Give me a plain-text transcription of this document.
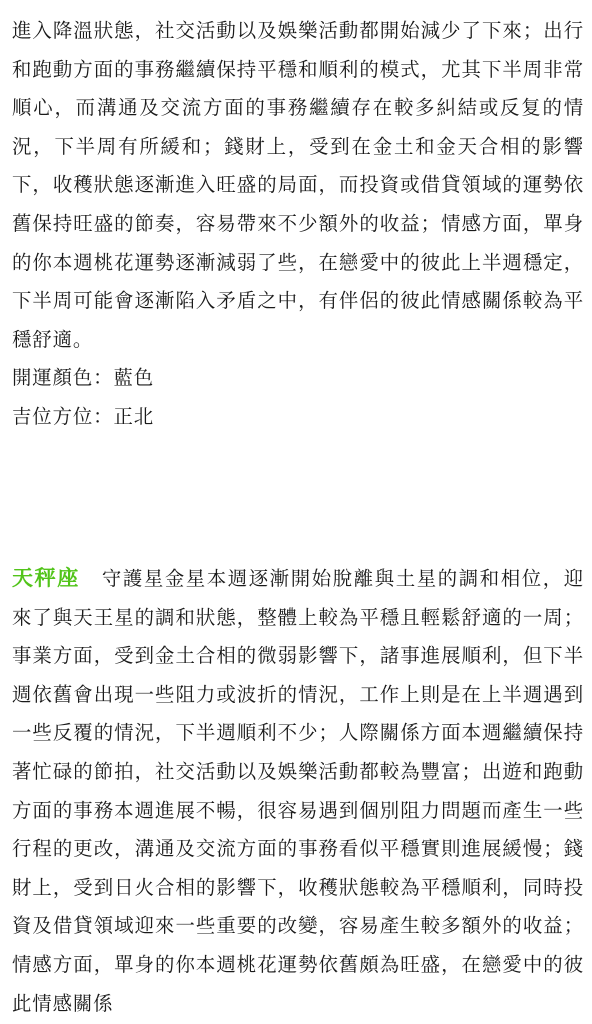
進入降溫狀態，社交活動以及娛樂活動都開始減少了下來；出行和跑動方面的事務繼續保持平穩和順利的模式，尤其下半周非常順心，而溝通及交流方面的事務繼續存在較多糾結或反复的情況，下半周有所緩和；錢財上，受到在金土和金天合相的影響下，收穫狀態逐漸進入旺盛的局面，而投資或借貸領域的運勢依舊保持旺盛的節奏，容易帶來不少額外的收益；情感方面，單身的你本週桃花運勢逐漸減弱了些，在戀愛中的彼此上半週穩定，下半周可能會逐漸陷入矛盾之中，有伴侶的彼此情感關係較為平穩舒適。

開運顏色：藍色

吉位方位：正北

天秤座 守護星金星本週逐漸開始脫離與土星的調和相位，迎來了與天王星的調和狀態，整體上較為平穩且輕鬆舒適的一周；事業方面，受到金土合相的微弱影響下，諸事進展順利，但下半週依舊會出現一些阻力或波折的情況，工作上則是在上半週遇到一些反覆的情況，下半週順利不少；人際關係方面本週繼續保持著忙碌的節拍，社交活動以及娛樂活動都較為豐富；出遊和跑動方面的事務本週進展不暢，很容易遇到個別阻力問題而產生一些行程的更改，溝通及交流方面的事務看似平穩實則進展緩慢；錢財上，受到日火合相的影響下，收穫狀態較為平穩順利，同時投資及借貸領域迎來一些重要的改變，容易產生較多額外的收益；情感方面，單身的你本週桃花運勢依舊頗為旺盛，在戀愛中的彼此情感關係
